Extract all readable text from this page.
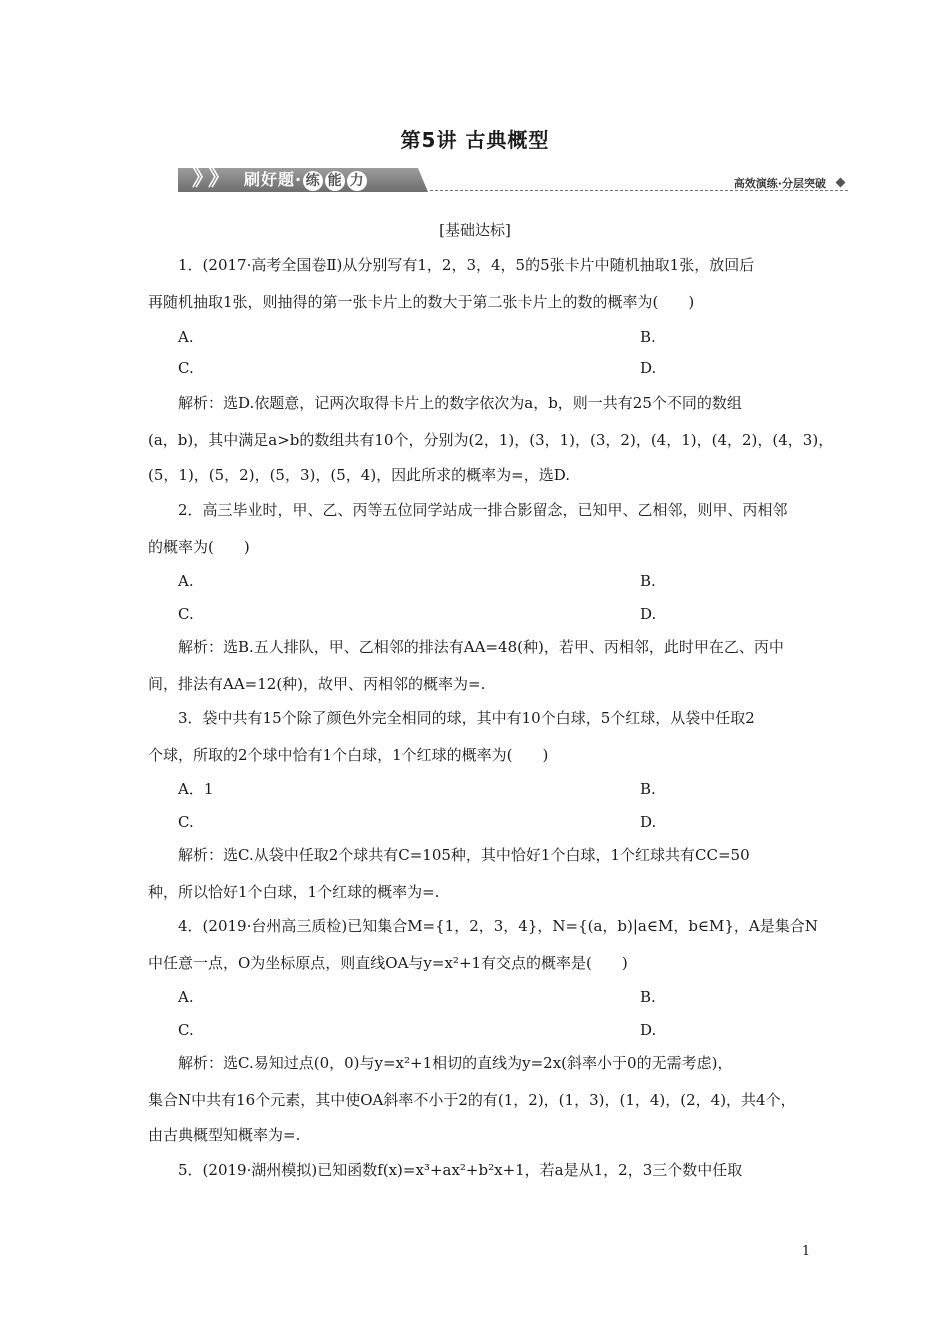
第5讲 古典概型
》
》 刷好题· 练 能 力	高效演练·分层突破
[基础达标]
1．(2017·高考全国卷Ⅱ)从分别写有1，2，3，4，5的5张卡片中随机抽取1张，放回后
再随机抽取1张，则抽得的第一张卡片上的数大于第二张卡片上的数的概率为(　　)
A.	B.
C.	D.
解析：选D.依题意，记两次取得卡片上的数字依次为a，b，则一共有25个不同的数组
(a，b)，其中满足a>b的数组共有10个，分别为(2，1)，(3，1)，(3，2)，(4，1)，(4，2)，(4，3)，
(5，1)，(5，2)，(5，3)，(5，4)，因此所求的概率为=，选D.
2．高三毕业时，甲、乙、丙等五位同学站成一排合影留念，已知甲、乙相邻，则甲、丙相邻
的概率为(　　)
A.	B.
C.	D.
解析：选B.五人排队，甲、乙相邻的排法有AA=48(种)，若甲、丙相邻，此时甲在乙、丙中
间，排法有AA=12(种)，故甲、丙相邻的概率为=.
3．袋中共有15个除了颜色外完全相同的球，其中有10个白球，5个红球，从袋中任取2
个球，所取的2个球中恰有1个白球，1个红球的概率为(　　)
A．1	B.
C.	D.
解析：选C.从袋中任取2个球共有C=105种，其中恰好1个白球，1个红球共有CC=50
种，所以恰好1个白球，1个红球的概率为=.
4．(2019·台州高三质检)已知集合M={1，2，3，4}，N={(a，b)|a∈M，b∈M}，A是集合N
中任意一点，O为坐标原点，则直线OA与y=x²+1有交点的概率是(　　)
A.	B.
C.	D.
解析：选C.易知过点(0，0)与y=x²+1相切的直线为y=2x(斜率小于0的无需考虑)，
集合N中共有16个元素，其中使OA斜率不小于2的有(1，2)，(1，3)，(1，4)，(2，4)，共4个，
由古典概型知概率为=.
5．(2019·湖州模拟)已知函数f(x)=x³+ax²+b²x+1，若a是从1，2，3三个数中任取
1
